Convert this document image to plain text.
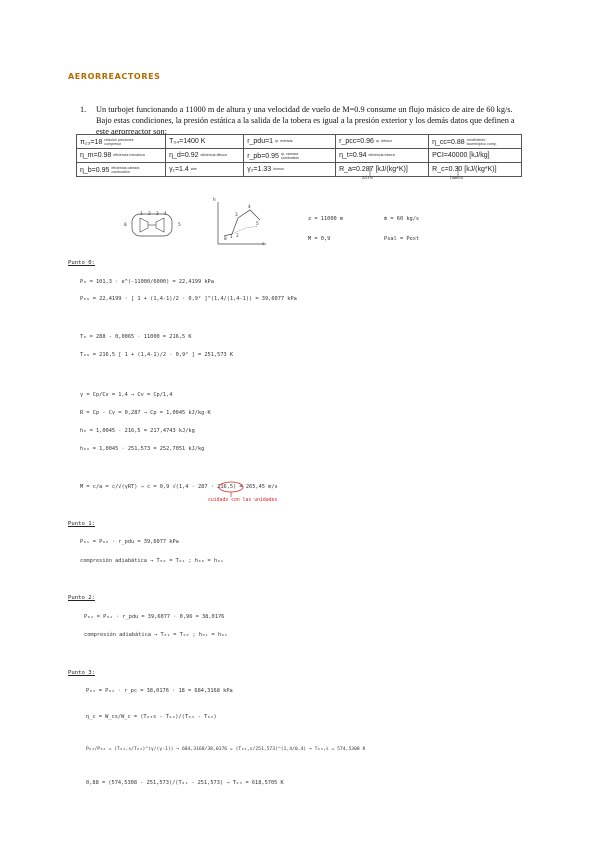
AERORREACTORES
1. Un turbojet funcionando a 11000 m de altura y una velocidad de vuelo de M=0.9 consume un flujo másico de aire de 60 kg/s. Bajo estas condiciones, la presión estática a la salida de la tobera es igual a la presión exterior y los demás datos que definen a este aerorreactor son:
π₂₃=18 relación presiones compresor	T₀₄=1400 K	r_pdu=1 rp. entrada	r_pcc=0.96 rp. difusor	η_cc=0.88 rendimiento isoentrópico comp.
η_m=0.98 eficiencia mecánica	η_d=0.92 eficiencia difusor	r_pb=0.95 rp. cámara combustión	η_t=0.94 eficiencia tobera	PCI=40000 [kJ/kg]
η_b=0.95 eficiencia cámara combustión	γ₁=1.4 aire	γ₂=1.33 humos	R_a=0.287 [kJ/(kg*K)]	R_c=0.30 [kJ/(kg*K)]
aire	humos
0
1 2 3 4
5
h
s
3
4
5
0 1 2
z = 11000 m	ṁ = 60 kg/s
M = 0,9	Psal = Pext
Punto 0:
P₀ = 101,3 · e^(-11000/6000) = 22,4199 kPa
P₀₀ = 22,4199 · [ 1 + (1,4-1)/2 · 0,9² ]^(1,4/(1,4-1)) = 39,6077 kPa
T₀ = 288 - 0,0065 · 11000 = 216,5 K
T₀₀ = 216,5 [ 1 + (1,4-1)/2 · 0,9² ] = 251,573 K
γ = Cp/Cv = 1,4 → Cv = Cp/1,4
R = Cp - Cv = 0,287 → Cp = 1,0045 kJ/kg·K
h₀ = 1,0045 · 216,5 = 217,4743 kJ/kg
h₀₀ = 1,0045 · 251,573 = 252,7051 kJ/kg
M = c/a = c/√(γRT) → c = 0,9 √(1,4 · 287 · 216,5) = 265,45 m/s
cuidado con las unidades
Punto 1:
P₀₁ = P₀₀ · r_pdu = 39,6077 kPa
compresión adiabática → T₀₀ = T₀₁ ; h₀₀ = h₀₁
Punto 2:
P₀₂ = P₀₁ · r_pdu = 39,6077 · 0,96 = 38,0176
compresión adiabática → T₀₁ = T₀₂ ; h₀₁ = h₀₂
Punto 3:
P₀₃ = P₀₂ · r_pc = 38,0176 · 18 = 684,3168 kPa
η_c = W_cs/W_c = (T₀₃s - T₀₂)/(T₀₃ - T₀₂)
P₀₃/P₀₂ = (T₀₃,s/T₀₂)^(γ/(γ-1)) → 684,3168/38,0176 = (T₀₃,s/251,573)^(1,4/0,4) → T₀₃,s = 574,5308 K
0,88 = (574,5308 - 251,573)/(T₀₃ - 251,573) → T₀₃ = 618,5705 K
